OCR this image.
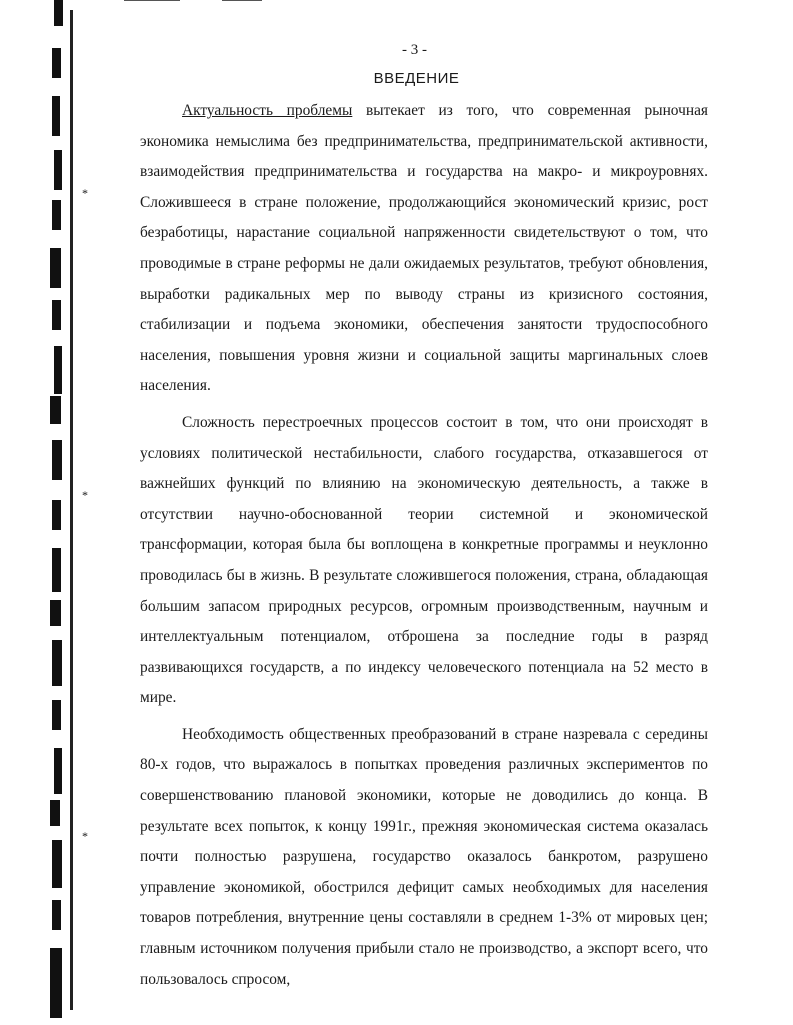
*
*
*
- 3 -
ВВЕДЕНИЕ

Актуальность проблемы вытекает из того, что современная рыночная экономика немыслима без предпринимательства, предпринимательской активности, взаимодействия предпринимательства и государства на макро- и микроуровнях. Сложившееся в стране положение, продолжающийся экономический кризис, рост безработицы, нарастание социальной напряженности свидетельствуют о том, что проводимые в стране реформы не дали ожидаемых результатов, требуют обновления, выработки радикальных мер по выводу страны из кризисного состояния, стабилизации и подъема экономики, обеспечения занятости трудоспособного населения, повышения уровня жизни и социальной защиты маргинальных слоев населения.

Сложность перестроечных процессов состоит в том, что они происходят в условиях политической нестабильности, слабого государства, отказавшегося от важнейших функций по влиянию на экономическую деятельность, а также в отсутствии научно-обоснованной теории системной и экономической трансформации, которая была бы воплощена в конкретные программы и неуклонно проводилась бы в жизнь. В результате сложившегося положения, страна, обладающая большим запасом природных ресурсов, огромным производственным, научным и интеллектуальным потенциалом, отброшена за последние годы в разряд развивающихся государств, а по индексу человеческого потенциала на 52 место в мире.

Необходимость общественных преобразований в стране назревала с середины 80-х годов, что выражалось в попытках проведения различных экспериментов по совершенствованию плановой экономики, которые не доводились до конца. В результате всех попыток, к концу 1991г., прежняя экономическая система оказалась почти полностью разрушена, государство оказалось банкротом, разрушено управление экономикой, обострился дефицит самых необходимых для населения товаров потребления, внутренние цены составляли в среднем 1-3% от мировых цен; главным источником получения прибыли стало не производство, а экспорт всего, что пользовалось спросом,
